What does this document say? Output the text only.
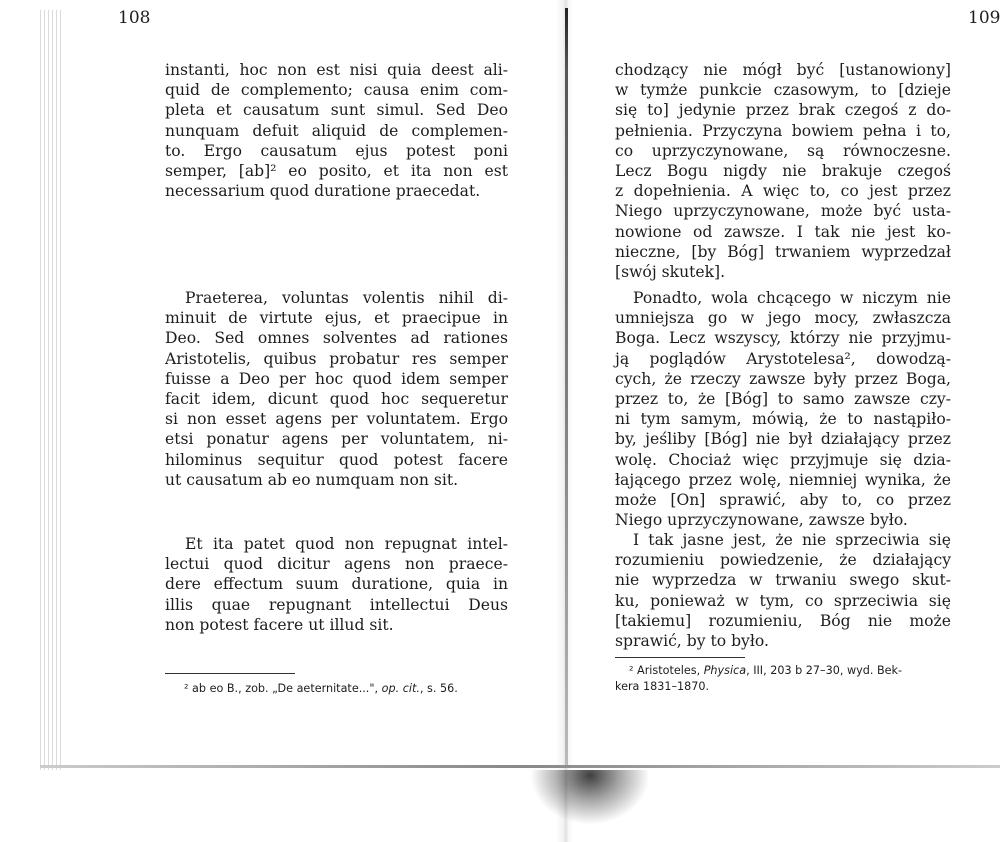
108

instanti, hoc non est nisi quia deest ali-
quid de complemento; causa enim com-
pleta et causatum sunt simul. Sed Deo
nunquam defuit aliquid de complemen-
to. Ergo causatum ejus potest poni
semper, [ab]² eo posito, et ita non est
necessarium quod duratione praecedat.

Praeterea, voluntas volentis nihil di-
minuit de virtute ejus, et praecipue in
Deo. Sed omnes solventes ad rationes
Aristotelis, quibus probatur res semper
fuisse a Deo per hoc quod idem semper
facit idem, dicunt quod hoc sequeretur
si non esset agens per voluntatem. Ergo
etsi ponatur agens per voluntatem, ni-
hilominus sequitur quod potest facere
ut causatum ab eo numquam non sit.

Et ita patet quod non repugnat intel-
lectui quod dicitur agens non praece-
dere effectum suum duratione, quia in
illis quae repugnant intellectui Deus
non potest facere ut illud sit.

² ab eo B., zob. „De aeternitate...", op. cit., s. 56.

109

chodzący nie mógł być [ustanowiony]
w tymże punkcie czasowym, to [dzieje
się to] jedynie przez brak czegoś z do-
pełnienia. Przyczyna bowiem pełna i to,
co uprzyczynowane, są równoczesne.
Lecz Bogu nigdy nie brakuje czegoś
z dopełnienia. A więc to, co jest przez
Niego uprzyczynowane, może być usta-
nowione od zawsze. I tak nie jest ko-
nieczne, [by Bóg] trwaniem wyprzedzał
[swój skutek].

Ponadto, wola chcącego w niczym nie
umniejsza go w jego mocy, zwłaszcza
Boga. Lecz wszyscy, którzy nie przyjmu-
ją poglądów Arystotelesa², dowodzą-
cych, że rzeczy zawsze były przez Boga,
przez to, że [Bóg] to samo zawsze czy-
ni tym samym, mówią, że to nastąpiło-
by, jeśliby [Bóg] nie był działający przez
wolę. Chociaż więc przyjmuje się dzia-
łającego przez wolę, niemniej wynika, że
może [On] sprawić, aby to, co przez
Niego uprzyczynowane, zawsze było.

I tak jasne jest, że nie sprzeciwia się
rozumieniu powiedzenie, że działający
nie wyprzedza w trwaniu swego skut-
ku, ponieważ w tym, co sprzeciwia się
[takiemu] rozumieniu, Bóg nie może
sprawić, by to było.

² Aristoteles, Physica, III, 203 b 27–30, wyd. Bek-
kera 1831–1870.
